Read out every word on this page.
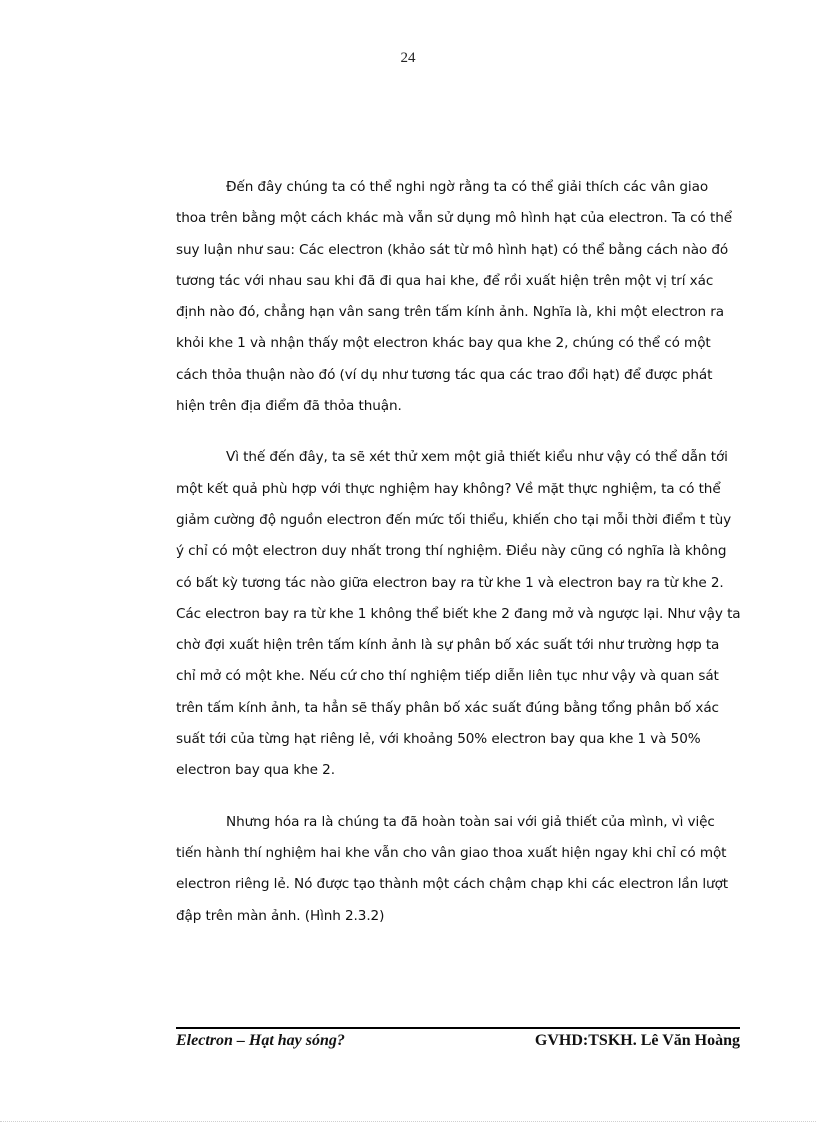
24

Đến đây chúng ta có thể nghi ngờ rằng ta có thể giải thích các vân giao thoa trên bằng một cách khác mà vẫn sử dụng mô hình hạt của electron. Ta có thể suy luận như sau: Các electron (khảo sát từ mô hình hạt) có thể bằng cách nào đó tương tác với nhau sau khi đã đi qua hai khe, để rồi xuất hiện trên một vị trí xác định nào đó, chẳng hạn vân sang trên tấm kính ảnh. Nghĩa là, khi một electron ra khỏi khe 1 và nhận thấy một electron khác bay qua khe 2, chúng có thể có một cách thỏa thuận nào đó (ví dụ như tương tác qua các trao đổi hạt) để được phát hiện trên địa điểm đã thỏa thuận.

Vì thế đến đây, ta sẽ xét thử xem một giả thiết kiểu như vậy có thể dẫn tới một kết quả phù hợp với thực nghiệm hay không? Về mặt thực nghiệm, ta có thể giảm cường độ nguồn electron đến mức tối thiểu, khiến cho tại mỗi thời điểm t tùy ý chỉ có một electron duy nhất trong thí nghiệm. Điều này cũng có nghĩa là không có bất kỳ tương tác nào giữa electron bay ra từ khe 1 và electron bay ra từ khe 2. Các electron bay ra từ khe 1 không thể biết khe 2 đang mở và ngược lại. Như vậy ta chờ đợi xuất hiện trên tấm kính ảnh là sự phân bố xác suất tới như trường hợp ta chỉ mở có một khe. Nếu cứ cho thí nghiệm tiếp diễn liên tục như vậy và quan sát trên tấm kính ảnh, ta hẳn sẽ thấy phân bố xác suất đúng bằng tổng phân bố xác suất tới của từng hạt riêng lẻ, với khoảng 50% electron bay qua khe 1 và 50% electron bay qua khe 2.

Nhưng hóa ra là chúng ta đã hoàn toàn sai với giả thiết của mình, vì việc tiến hành thí nghiệm hai khe vẫn cho vân giao thoa xuất hiện ngay khi chỉ có một electron riêng lẻ. Nó được tạo thành một cách chậm chạp khi các electron lần lượt đập trên màn ảnh. (Hình 2.3.2)

Electron – Hạt hay sóng?	GVHD:TSKH. Lê Văn Hoàng
